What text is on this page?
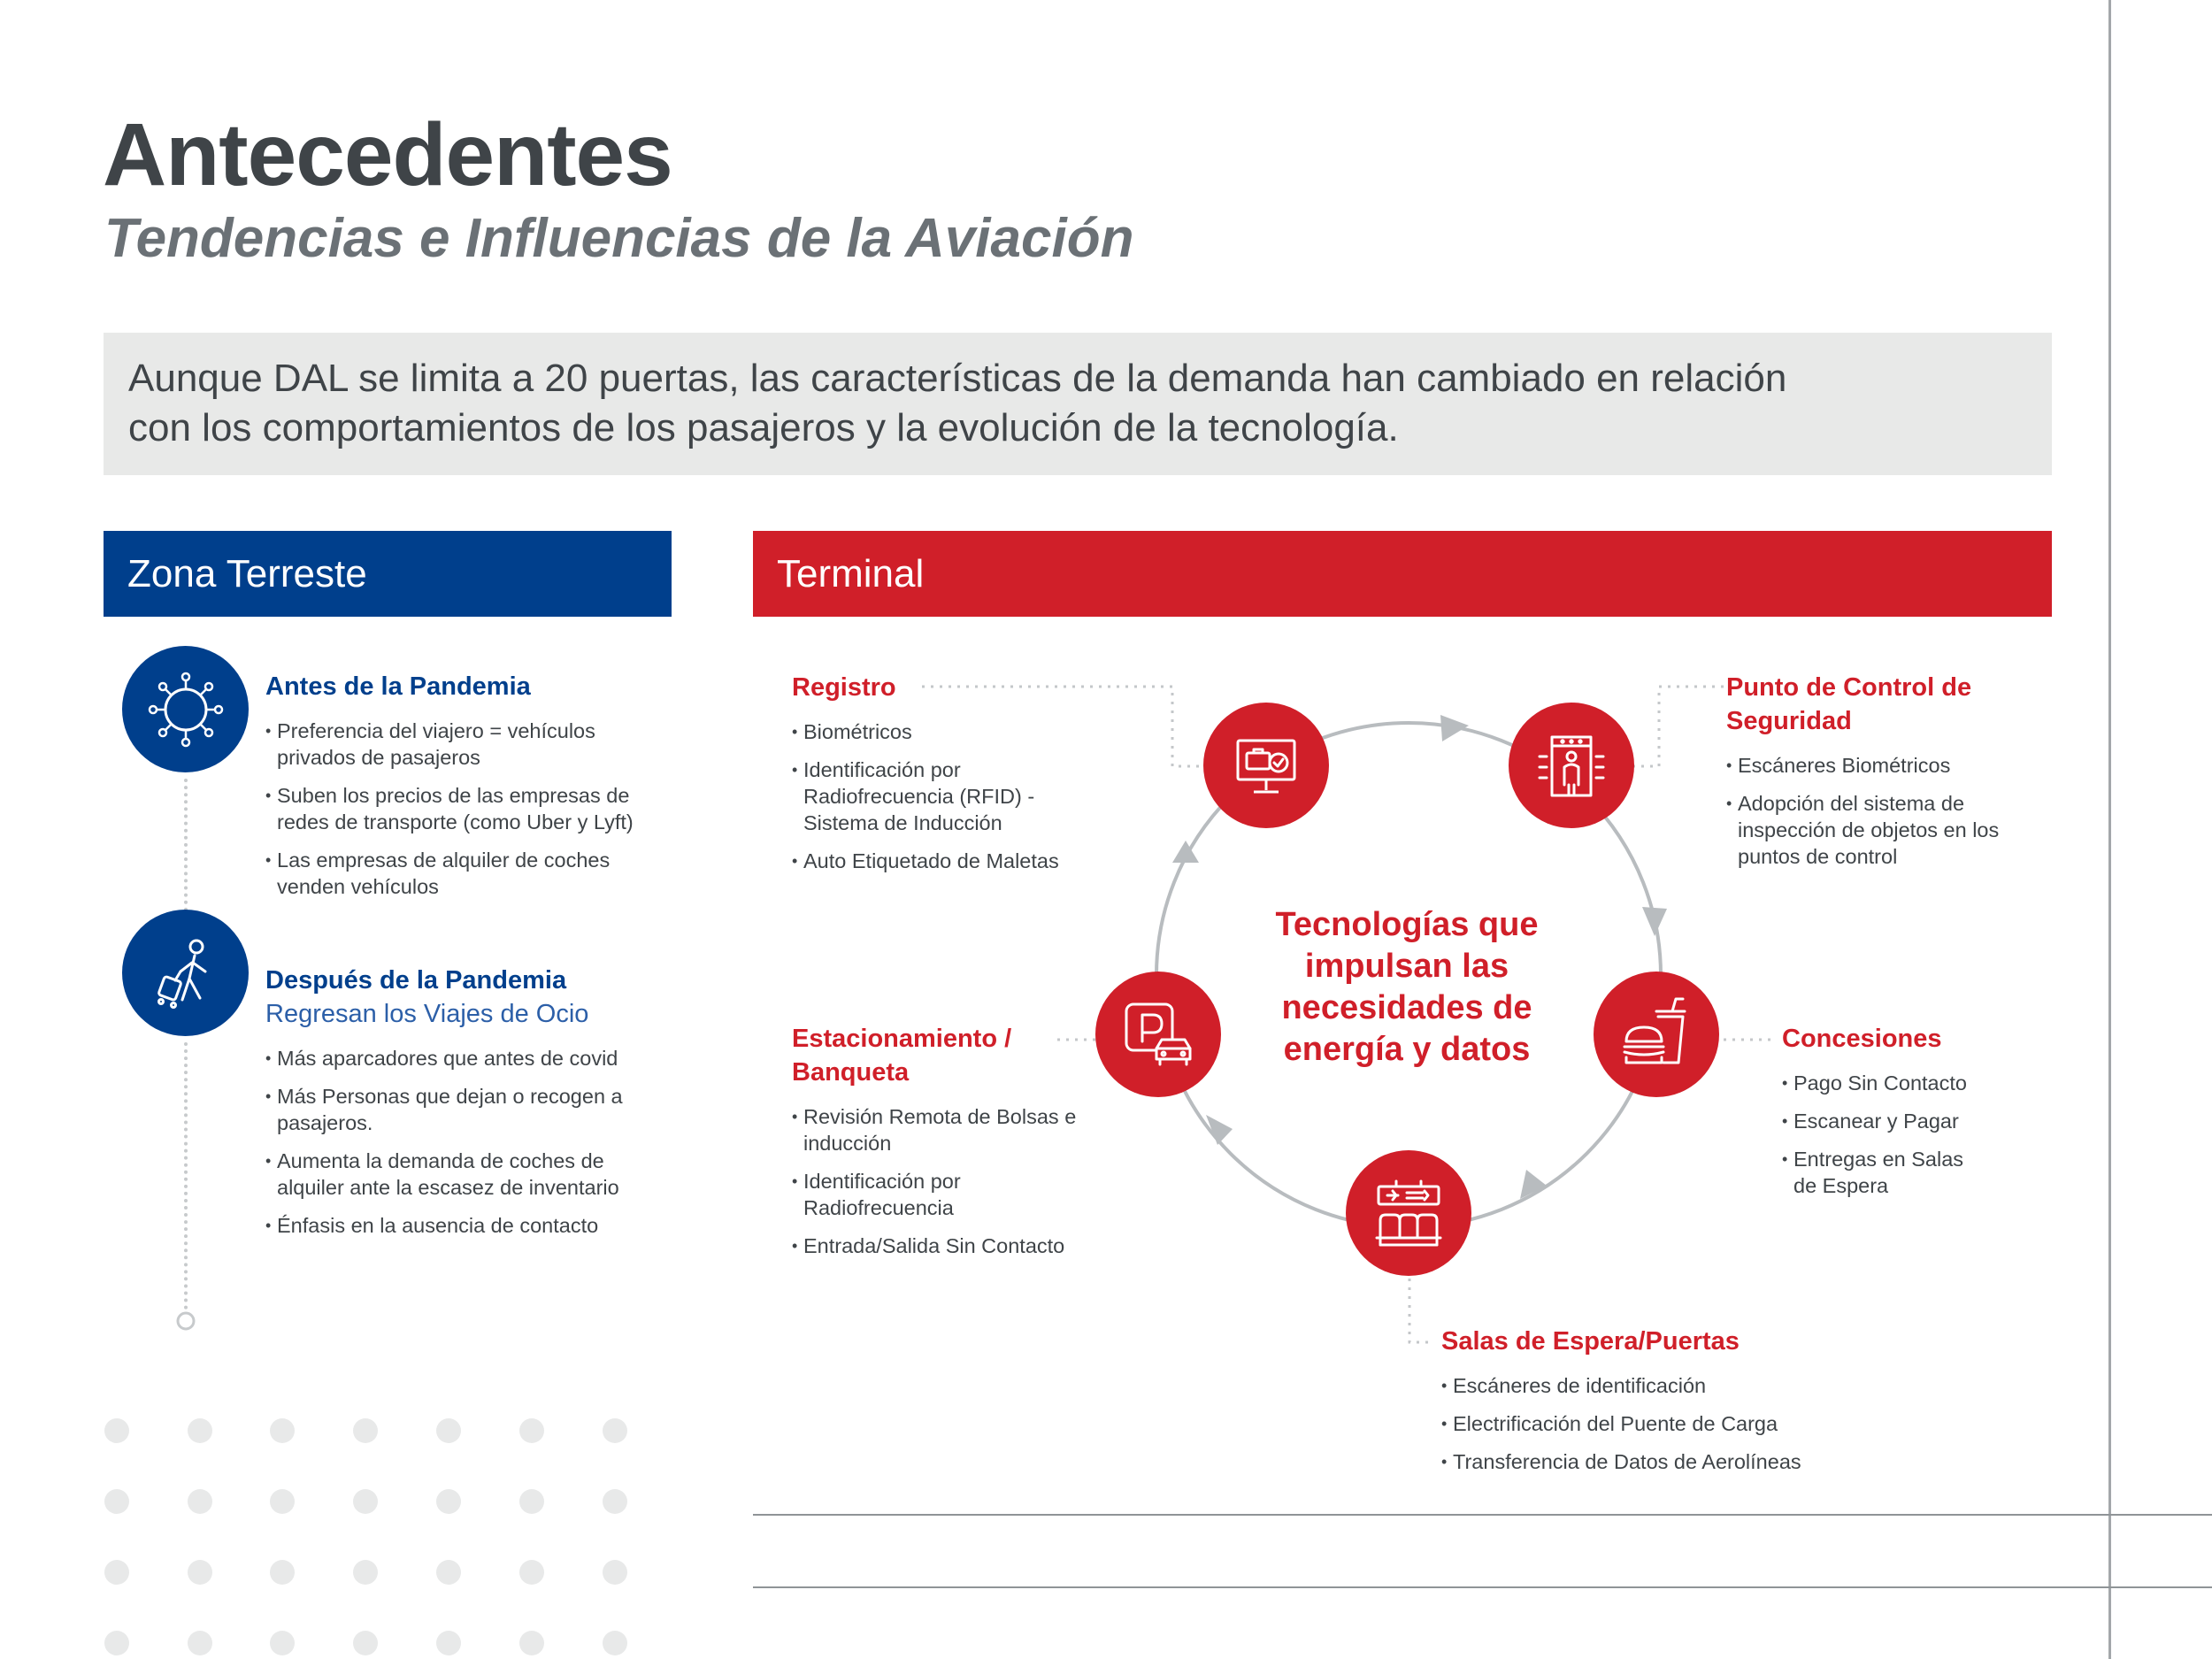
Antecedentes
Tendencias e Influencias de la Aviación
Aunque DAL se limita a 20 puertas, las características de la demanda han cambiado en relación
con los comportamientos de los pasajeros y la evolución de la tecnología.
Zona Terreste	Terminal

Antes de la Pandemia

• Preferencia del viajero = vehículos
privados de pasajeros
• Suben los precios de las empresas de
redes de transporte (como Uber y Lyft)
• Las empresas de alquiler de coches
venden vehículos

Después de la Pandemia

Regresan los Viajes de Ocio

• Más aparcadores que antes de covid
• Más Personas que dejan o recogen a
pasajeros.
• Aumenta la demanda de coches de
alquiler ante la escasez de inventario
• Énfasis en la ausencia de contacto
Tecnologías que
impulsan las
necesidades de
energía y datos

Registro

• Biométricos
• Identificación por
Radiofrecuencia (RFID) -
Sistema de Inducción
• Auto Etiquetado de Maletas

Punto de Control de

Seguridad

• Escáneres Biométricos
• Adopción del sistema de
inspección de objetos en los
puntos de control

Concesiones

• Pago Sin Contacto
• Escanear y Pagar
• Entregas en Salas
de Espera

Salas de Espera/Puertas

• Escáneres de identificación
• Electrificación del Puente de Carga
• Transferencia de Datos de Aerolíneas

Estacionamiento /

Banqueta

• Revisión Remota de Bolsas e
inducción
• Identificación por
Radiofrecuencia
• Entrada/Salida Sin Contacto
